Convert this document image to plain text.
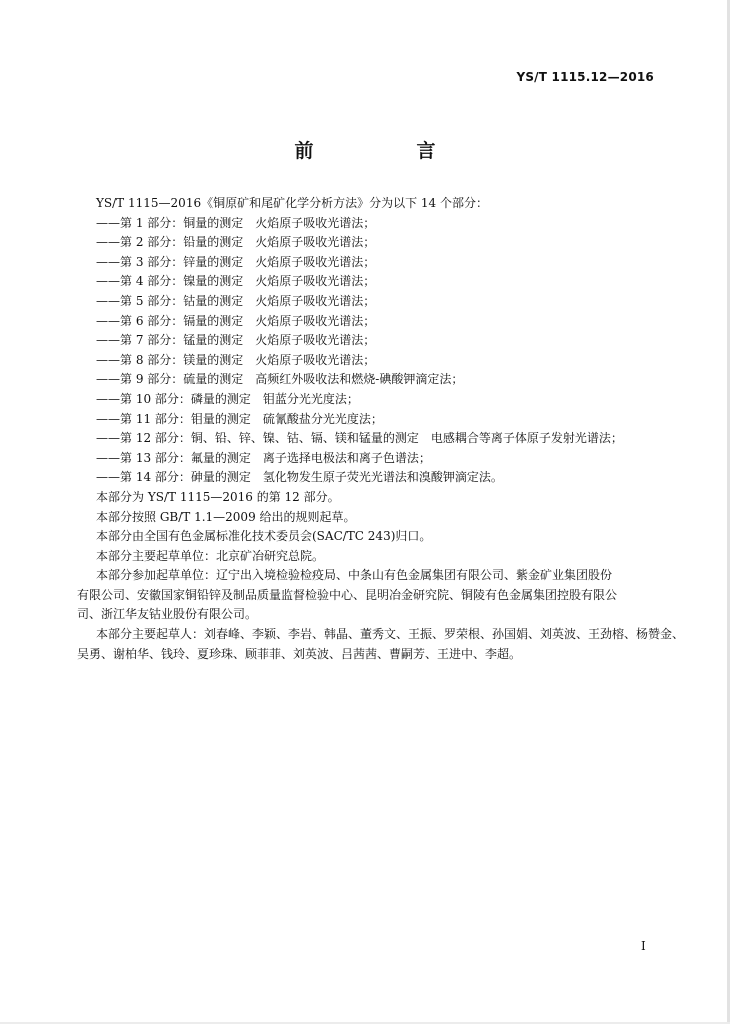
YS/T 1115.12—2016
前　言
YS/T 1115—2016《铜原矿和尾矿化学分析方法》分为以下 14 个部分：
——第 1 部分：铜量的测定　火焰原子吸收光谱法；
——第 2 部分：铅量的测定　火焰原子吸收光谱法；
——第 3 部分：锌量的测定　火焰原子吸收光谱法；
——第 4 部分：镍量的测定　火焰原子吸收光谱法；
——第 5 部分：钴量的测定　火焰原子吸收光谱法；
——第 6 部分：镉量的测定　火焰原子吸收光谱法；
——第 7 部分：锰量的测定　火焰原子吸收光谱法；
——第 8 部分：镁量的测定　火焰原子吸收光谱法；
——第 9 部分：硫量的测定　高频红外吸收法和燃烧-碘酸钾滴定法；
——第 10 部分：磷量的测定　钼蓝分光光度法；
——第 11 部分：钼量的测定　硫氰酸盐分光光度法；
——第 12 部分：铜、铅、锌、镍、钴、镉、镁和锰量的测定　电感耦合等离子体原子发射光谱法；
——第 13 部分：氟量的测定　离子选择电极法和离子色谱法；
——第 14 部分：砷量的测定　氢化物发生原子荧光光谱法和溴酸钾滴定法。
本部分为 YS/T 1115—2016 的第 12 部分。
本部分按照 GB/T 1.1—2009 给出的规则起草。
本部分由全国有色金属标准化技术委员会(SAC/TC 243)归口。
本部分主要起草单位：北京矿冶研究总院。
本部分参加起草单位：辽宁出入境检验检疫局、中条山有色金属集团有限公司、紫金矿业集团股份
有限公司、安徽国家铜铅锌及制品质量监督检验中心、昆明冶金研究院、铜陵有色金属集团控股有限公
司、浙江华友钴业股份有限公司。
本部分主要起草人：刘春峰、李颖、李岩、韩晶、董秀文、王振、罗荣根、孙国娟、刘英波、王劲榕、杨赞金、
吴勇、谢柏华、钱玲、夏珍珠、顾菲菲、刘英波、吕茜茜、曹嗣芳、王进中、李超。
I
